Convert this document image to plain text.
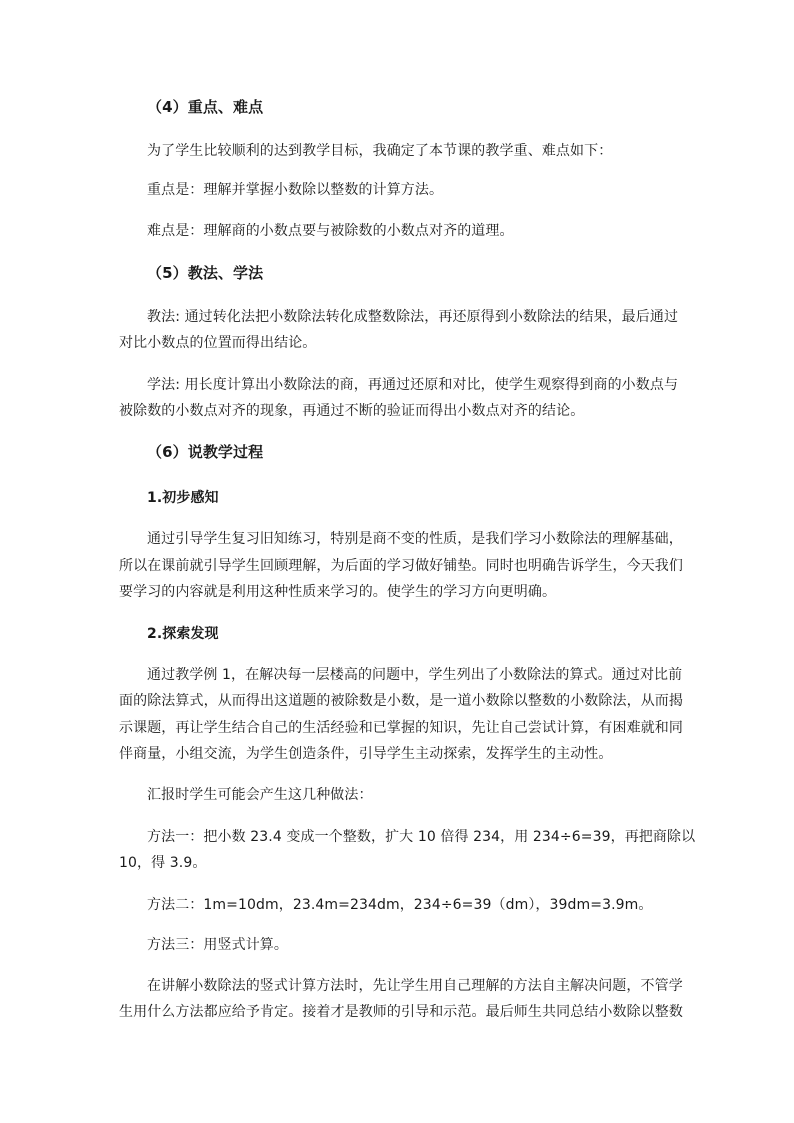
（4）重点、难点
为了学生比较顺利的达到教学目标，我确定了本节课的教学重、难点如下：
重点是：理解并掌握小数除以整数的计算方法。
难点是：理解商的小数点要与被除数的小数点对齐的道理。
（5）教法、学法
教法: 通过转化法把小数除法转化成整数除法，再还原得到小数除法的结果，最后通过
对比小数点的位置而得出结论。
学法: 用长度计算出小数除法的商，再通过还原和对比，使学生观察得到商的小数点与
被除数的小数点对齐的现象，再通过不断的验证而得出小数点对齐的结论。
（6）说教学过程
1.初步感知
通过引导学生复习旧知练习，特别是商不变的性质，是我们学习小数除法的理解基础，
所以在课前就引导学生回顾理解，为后面的学习做好铺垫。同时也明确告诉学生，今天我们
要学习的内容就是利用这种性质来学习的。使学生的学习方向更明确。
2.探索发现
通过教学例 1，在解决每一层楼高的问题中，学生列出了小数除法的算式。通过对比前
面的除法算式，从而得出这道题的被除数是小数，是一道小数除以整数的小数除法，从而揭
示课题，再让学生结合自己的生活经验和已掌握的知识，先让自己尝试计算，有困难就和同
伴商量，小组交流，为学生创造条件，引导学生主动探索，发挥学生的主动性。
汇报时学生可能会产生这几种做法：
方法一：把小数 23.4 变成一个整数，扩大 10 倍得 234，用 234÷6=39，再把商除以
10，得 3.9。
方法二：1m=10dm，23.4m=234dm，234÷6=39（dm），39dm=3.9m。
方法三：用竖式计算。
在讲解小数除法的竖式计算方法时，先让学生用自己理解的方法自主解决问题，不管学
生用什么方法都应给予肯定。接着才是教师的引导和示范。最后师生共同总结小数除以整数
